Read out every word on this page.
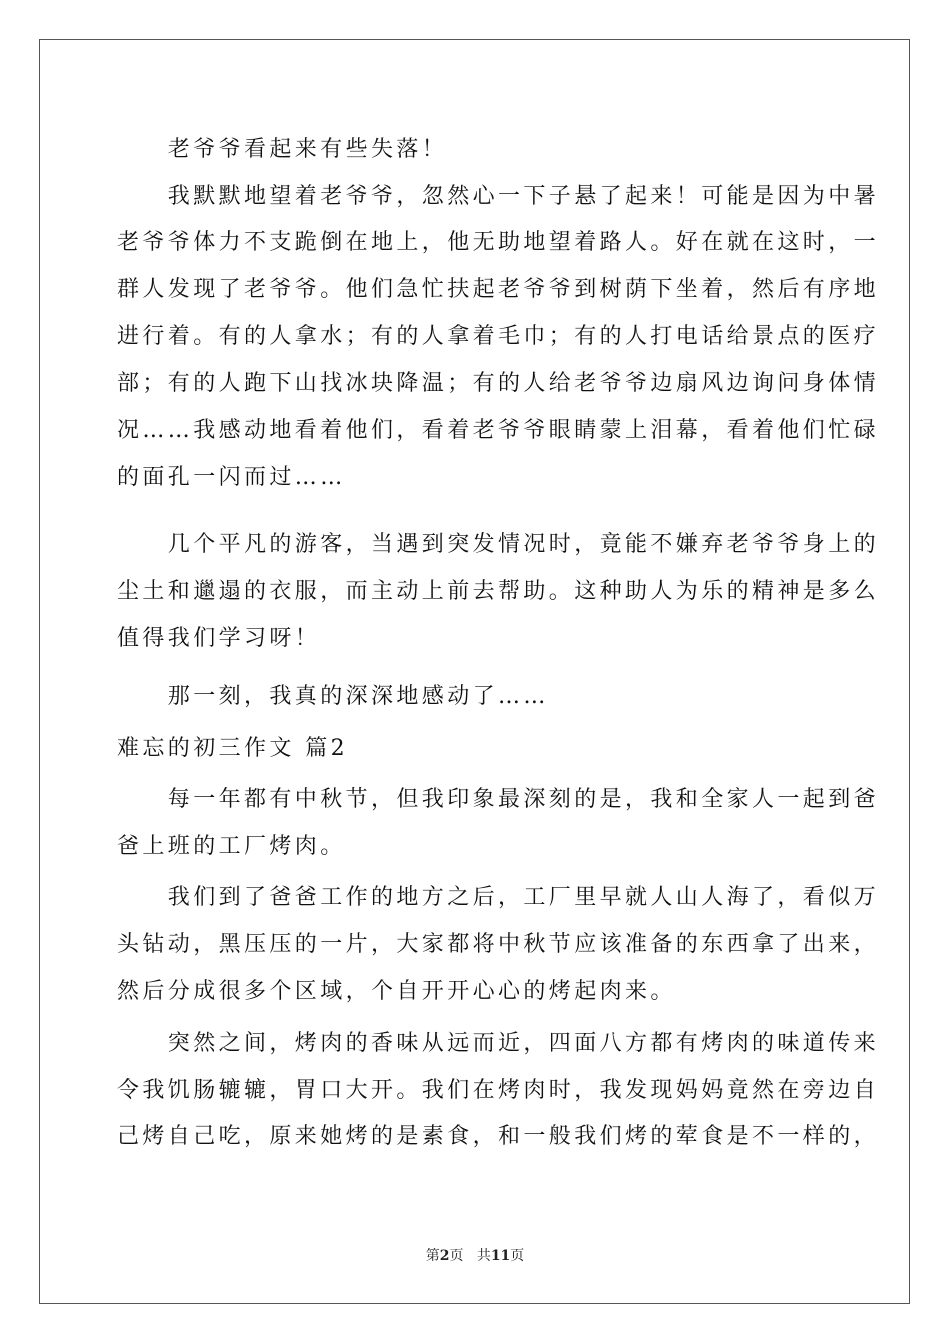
　　老爷爷看起来有些失落！
　　我默默地望着老爷爷，忽然心一下子悬了起来！可能是因为中暑
老爷爷体力不支跪倒在地上，他无助地望着路人。好在就在这时，一
群人发现了老爷爷。他们急忙扶起老爷爷到树荫下坐着，然后有序地
进行着。有的人拿水；有的人拿着毛巾；有的人打电话给景点的医疗
部；有的人跑下山找冰块降温；有的人给老爷爷边扇风边询问身体情
况……我感动地看着他们，看着老爷爷眼睛蒙上泪幕，看着他们忙碌
的面孔一闪而过……
　　几个平凡的游客，当遇到突发情况时，竟能不嫌弃老爷爷身上的
尘土和邋遢的衣服，而主动上前去帮助。这种助人为乐的精神是多么
值得我们学习呀！
　　那一刻，我真的深深地感动了……
难忘的初三作文 篇2
　　每一年都有中秋节，但我印象最深刻的是，我和全家人一起到爸
爸上班的工厂烤肉。
　　我们到了爸爸工作的地方之后，工厂里早就人山人海了，看似万
头钻动，黑压压的一片，大家都将中秋节应该准备的东西拿了出来，
然后分成很多个区域，个自开开心心的烤起肉来。
　　突然之间，烤肉的香味从远而近，四面八方都有烤肉的味道传来
令我饥肠辘辘，胃口大开。我们在烤肉时，我发现妈妈竟然在旁边自
己烤自己吃，原来她烤的是素食，和一般我们烤的荤食是不一样的，
第2页 共11页
